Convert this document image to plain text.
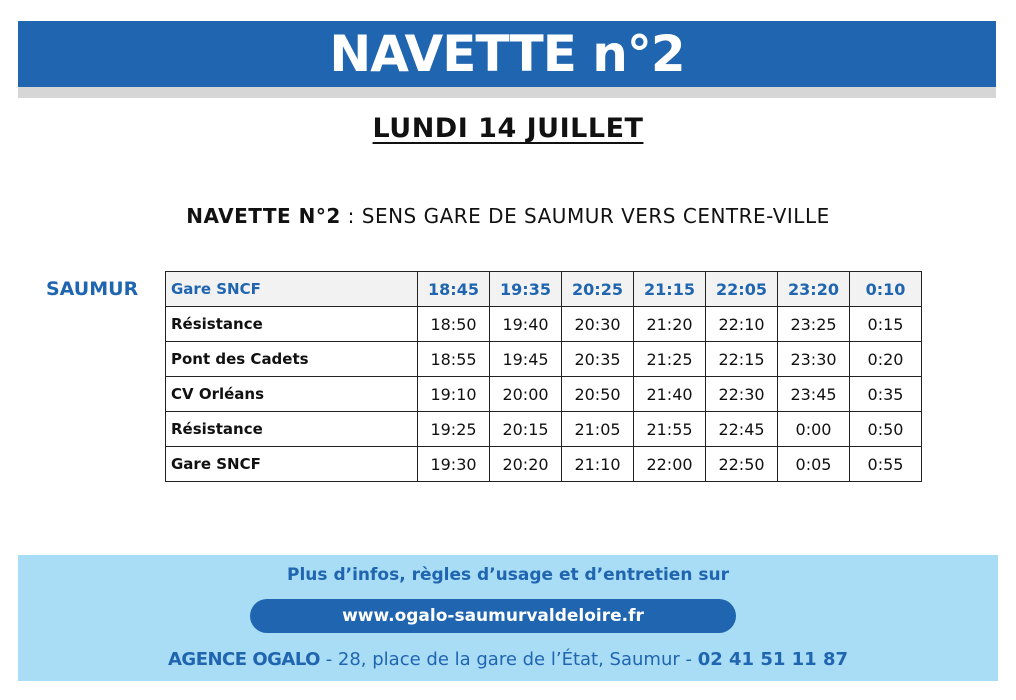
NAVETTE n°2
LUNDI 14 JUILLET
NAVETTE N°2 : SENS GARE DE SAUMUR VERS CENTRE-VILLE
SAUMUR Gare SNCF	18:45	19:35	20:25	21:15	22:05	23:20	0:10
Résistance	18:50	19:40	20:30	21:20	22:10	23:25	0:15
Pont des Cadets	18:55	19:45	20:35	21:25	22:15	23:30	0:20
CV Orléans	19:10	20:00	20:50	21:40	22:30	23:45	0:35
Résistance	19:25	20:15	21:05	21:55	22:45	0:00	0:50
Gare SNCF	19:30	20:20	21:10	22:00	22:50	0:05	0:55
Plus d’infos, règles d’usage et d’entretien sur
www.ogalo-saumurvaldeloire.fr
AGENCE OGALO - 28, place de la gare de l’État, Saumur - 02 41 51 11 87
